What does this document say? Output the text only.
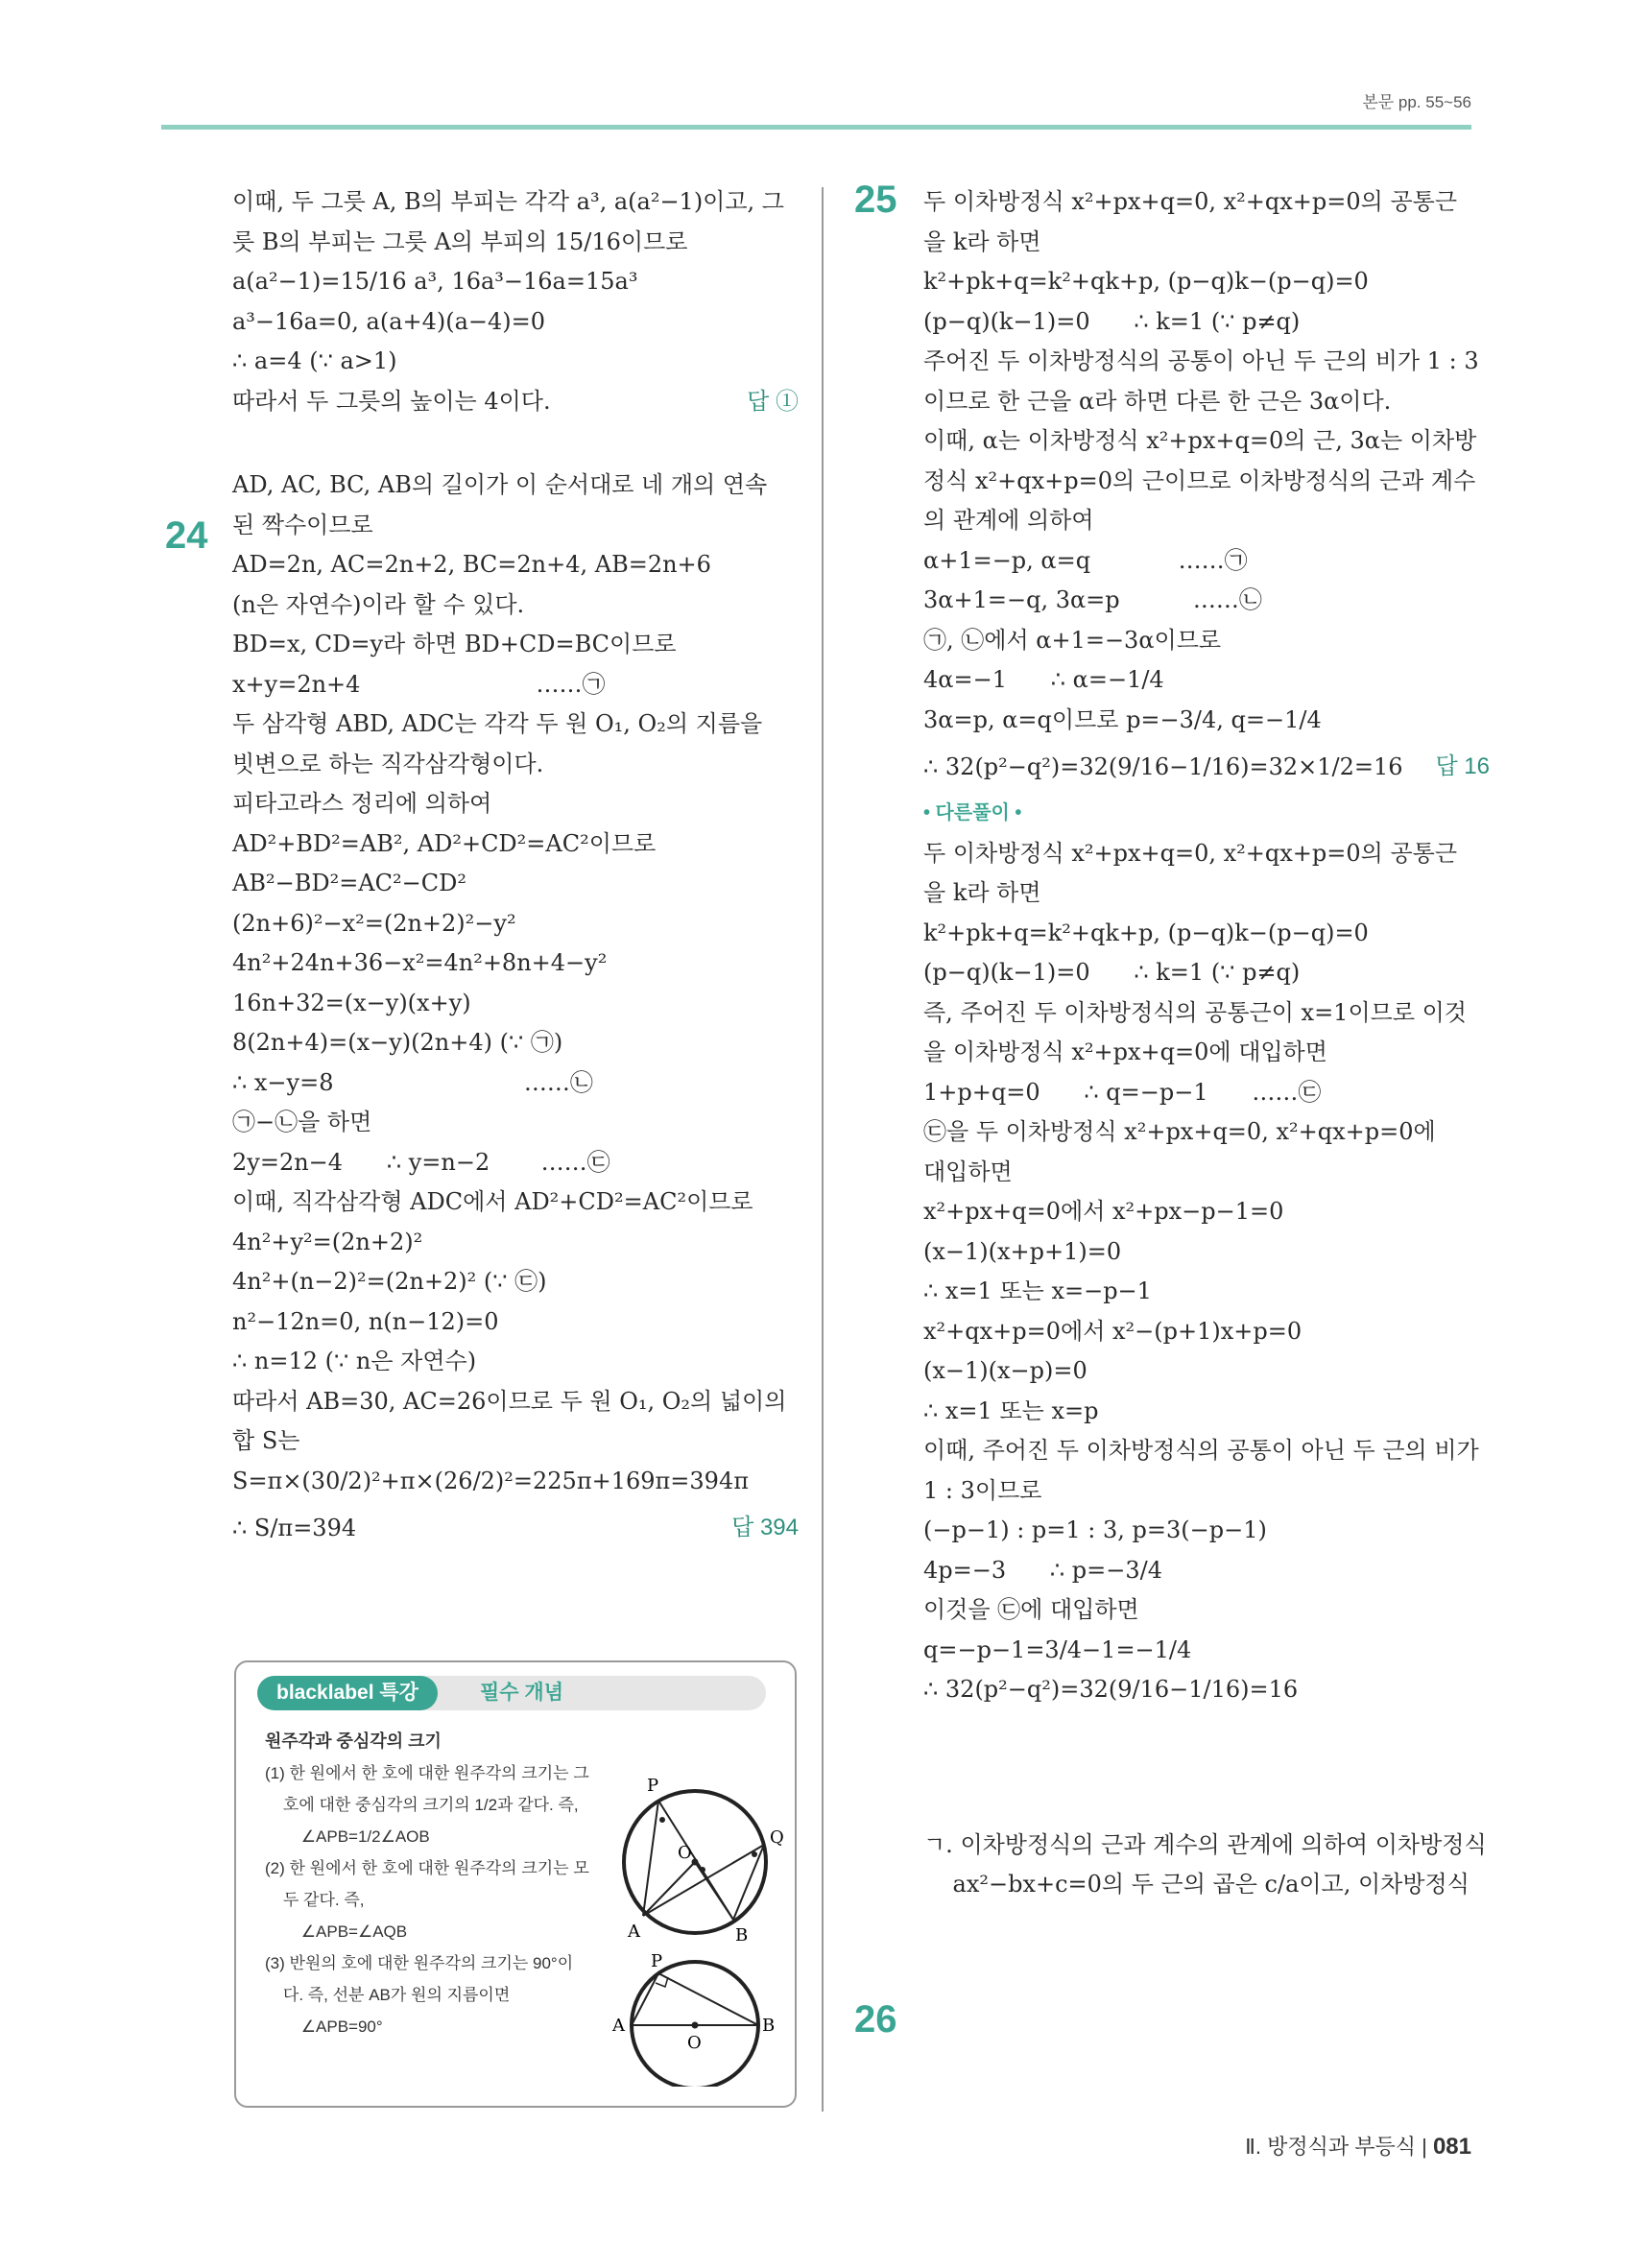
본문 pp. 55~56
이때, 두 그릇 A, B의 부피는 각각 a³, a(a²−1)이고, 그
릇 B의 부피는 그릇 A의 부피의 15/16이므로
a(a²−1)=15/16 a³, 16a³−16a=15a³
a³−16a=0, a(a+4)(a−4)=0
∴ a=4 (∵ a>1)
따라서 두 그릇의 높이는 4이다.	답 ①
AD, AC, BC, AB의 길이가 이 순서대로 네 개의 연속
된 짝수이므로
AD=2n, AC=2n+2, BC=2n+4, AB=2n+6
(n은 자연수)이라 할 수 있다.
BD=x, CD=y라 하면 BD+CD=BC이므로
x+y=2n+4                        ……㉠
두 삼각형 ABD, ADC는 각각 두 원 O₁, O₂의 지름을
빗변으로 하는 직각삼각형이다.
피타고라스 정리에 의하여
AD²+BD²=AB², AD²+CD²=AC²이므로
AB²−BD²=AC²−CD²
(2n+6)²−x²=(2n+2)²−y²
4n²+24n+36−x²=4n²+8n+4−y²
16n+32=(x−y)(x+y)
8(2n+4)=(x−y)(2n+4) (∵ ㉠)
∴ x−y=8                          ……㉡
㉠−㉡을 하면
2y=2n−4      ∴ y=n−2       ……㉢
이때, 직각삼각형 ADC에서 AD²+CD²=AC²이므로
4n²+y²=(2n+2)²
4n²+(n−2)²=(2n+2)² (∵ ㉢)
n²−12n=0, n(n−12)=0
∴ n=12 (∵ n은 자연수)
따라서 AB=30, AC=26이므로 두 원 O₁, O₂의 넓이의
합 S는
S=π×(30/2)²+π×(26/2)²=225π+169π=394π
∴ S/π=394	답 394
24
blacklabel 특강	필수 개념
원주각과 중심각의 크기
(1) 한 원에서 한 호에 대한 원주각의 크기는 그
호에 대한 중심각의 크기의 1/2과 같다. 즉,
∠APB=1/2∠AOB
(2) 한 원에서 한 호에 대한 원주각의 크기는 모
두 같다. 즉,
∠APB=∠AQB
(3) 반원의 호에 대한 원주각의 크기는 90°이
다. 즉, 선분 AB가 원의 지름이면
∠APB=90°
P
Q
O
A	B
P
A	B
O
두 이차방정식 x²+px+q=0, x²+qx+p=0의 공통근
을 k라 하면
k²+pk+q=k²+qk+p, (p−q)k−(p−q)=0
(p−q)(k−1)=0      ∴ k=1 (∵ p≠q)
주어진 두 이차방정식의 공통이 아닌 두 근의 비가 1 : 3
이므로 한 근을 α라 하면 다른 한 근은 3α이다.
이때, α는 이차방정식 x²+px+q=0의 근, 3α는 이차방
정식 x²+qx+p=0의 근이므로 이차방정식의 근과 계수
의 관계에 의하여
α+1=−p, α=q            ……㉠
3α+1=−q, 3α=p          ……㉡
㉠, ㉡에서 α+1=−3α이므로
4α=−1      ∴ α=−1/4
3α=p, α=q이므로 p=−3/4, q=−1/4
∴ 32(p²−q²)=32(9/16−1/16)=32×1/2=16 답 16
• 다른풀이 •
두 이차방정식 x²+px+q=0, x²+qx+p=0의 공통근
을 k라 하면
k²+pk+q=k²+qk+p, (p−q)k−(p−q)=0
(p−q)(k−1)=0      ∴ k=1 (∵ p≠q)
즉, 주어진 두 이차방정식의 공통근이 x=1이므로 이것
을 이차방정식 x²+px+q=0에 대입하면
1+p+q=0      ∴ q=−p−1      ……㉢
㉢을 두 이차방정식 x²+px+q=0, x²+qx+p=0에
대입하면
x²+px+q=0에서 x²+px−p−1=0
(x−1)(x+p+1)=0
∴ x=1 또는 x=−p−1
x²+qx+p=0에서 x²−(p+1)x+p=0
(x−1)(x−p)=0
∴ x=1 또는 x=p
이때, 주어진 두 이차방정식의 공통이 아닌 두 근의 비가
1 : 3이므로
(−p−1) : p=1 : 3, p=3(−p−1)
4p=−3      ∴ p=−3/4
이것을 ㉢에 대입하면
q=−p−1=3/4−1=−1/4
∴ 32(p²−q²)=32(9/16−1/16)=16
ㄱ. 이차방정식의 근과 계수의 관계에 의하여 이차방정식
ax²−bx+c=0의 두 근의 곱은 c/a이고, 이차방정식
25
26
Ⅱ. 방정식과 부등식 | 081
